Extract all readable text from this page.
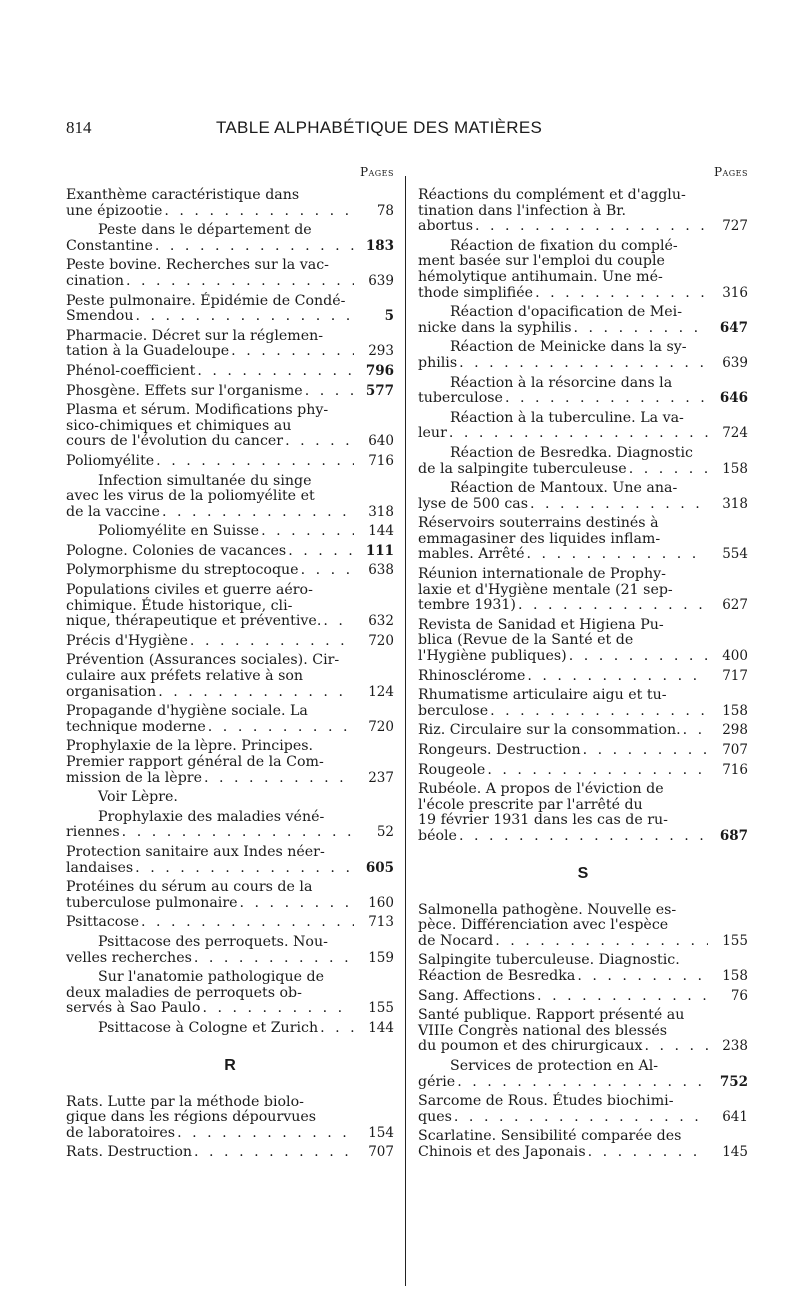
814	TABLE ALPHABÉTIQUE DES MATIÈRES
Pages
Exanthème caractéristique dans
une épizootie . . .	78
Peste dans le département de
Constantine . . .	183
Peste bovine. Recherches sur la vac-
cination . . .	639
Peste pulmonaire. Épidémie de Condé-
Smendou . . .	5
Pharmacie. Décret sur la réglemen-
tation à la Guadeloupe . . .	293
Phénol-coefficient . . .	796
Phosgène. Effets sur l'organisme . . .	577
Plasma et sérum. Modifications phy-
sico-chimiques et chimiques au
cours de l'évolution du cancer . . .	640
Poliomyélite . . .	716
Infection simultanée du singe
avec les virus de la poliomyélite et
de la vaccine . . .	318
Poliomyélite en Suisse . . .	144
Pologne. Colonies de vacances . . .	111
Polymorphisme du streptocoque . . .	638
Populations civiles et guerre aéro-
chimique. Étude historique, cli-
nique, thérapeutique et préventive. . . .	632
Précis d'Hygiène . . .	720
Prévention (Assurances sociales). Cir-
culaire aux préfets relative à son
organisation . . .	124
Propagande d'hygiène sociale. La
technique moderne . . .	720
Prophylaxie de la lèpre. Principes.
Premier rapport général de la Com-
mission de la lèpre . . .	237
Voir Lèpre.
Prophylaxie des maladies véné-
riennes . . .	52
Protection sanitaire aux Indes néer-
landaises . . .	605
Protéines du sérum au cours de la
tuberculose pulmonaire . . .	160
Psittacose . . .	713
Psittacose des perroquets. Nou-
velles recherches . . .	159
Sur l'anatomie pathologique de
deux maladies de perroquets ob-
servés à Sao Paulo . . .	155
Psittacose à Cologne et Zurich . . .	144
R
Rats. Lutte par la méthode biolo-
gique dans les régions dépourvues
de laboratoires . . .	154
Rats. Destruction . . .	707
Pages
Réactions du complément et d'agglu-
tination dans l'infection à Br.
abortus . . .	727
Réaction de fixation du complé-
ment basée sur l'emploi du couple
hémolytique antihumain. Une mé-
thode simplifiée . . .	316
Réaction d'opacification de Mei-
nicke dans la syphilis . . .	647
Réaction de Meinicke dans la sy-
philis . . .	639
Réaction à la résorcine dans la
tuberculose . . .	646
Réaction à la tuberculine. La va-
leur . . .	724
Réaction de Besredka. Diagnostic
de la salpingite tuberculeuse . . .	158
Réaction de Mantoux. Une ana-
lyse de 500 cas . . .	318
Réservoirs souterrains destinés à
emmagasiner des liquides inflam-
mables. Arrêté . . .	554
Réunion internationale de Prophy-
laxie et d'Hygiène mentale (21 sep-
tembre 1931) . . .	627
Revista de Sanidad et Higiena Pu-
blica (Revue de la Santé et de
l'Hygiène publiques) . . .	400
Rhinosclérome . . .	717
Rhumatisme articulaire aigu et tu-
berculose . . .	158
Riz. Circulaire sur la consommation. . . .	298
Rongeurs. Destruction . . .	707
Rougeole . . .	716
Rubéole. A propos de l'éviction de
l'école prescrite par l'arrêté du
19 février 1931 dans les cas de ru-
béole . . .	687
S
Salmonella pathogène. Nouvelle es-
pèce. Différenciation avec l'espèce
de Nocard . . .	155
Salpingite tuberculeuse. Diagnostic.
Réaction de Besredka . . .	158
Sang. Affections . . .	76
Santé publique. Rapport présenté au
VIIIe Congrès national des blessés
du poumon et des chirurgicaux . . .	238
Services de protection en Al-
gérie . . .	752
Sarcome de Rous. Études biochimi-
ques . . .	641
Scarlatine. Sensibilité comparée des
Chinois et des Japonais . . .	145
